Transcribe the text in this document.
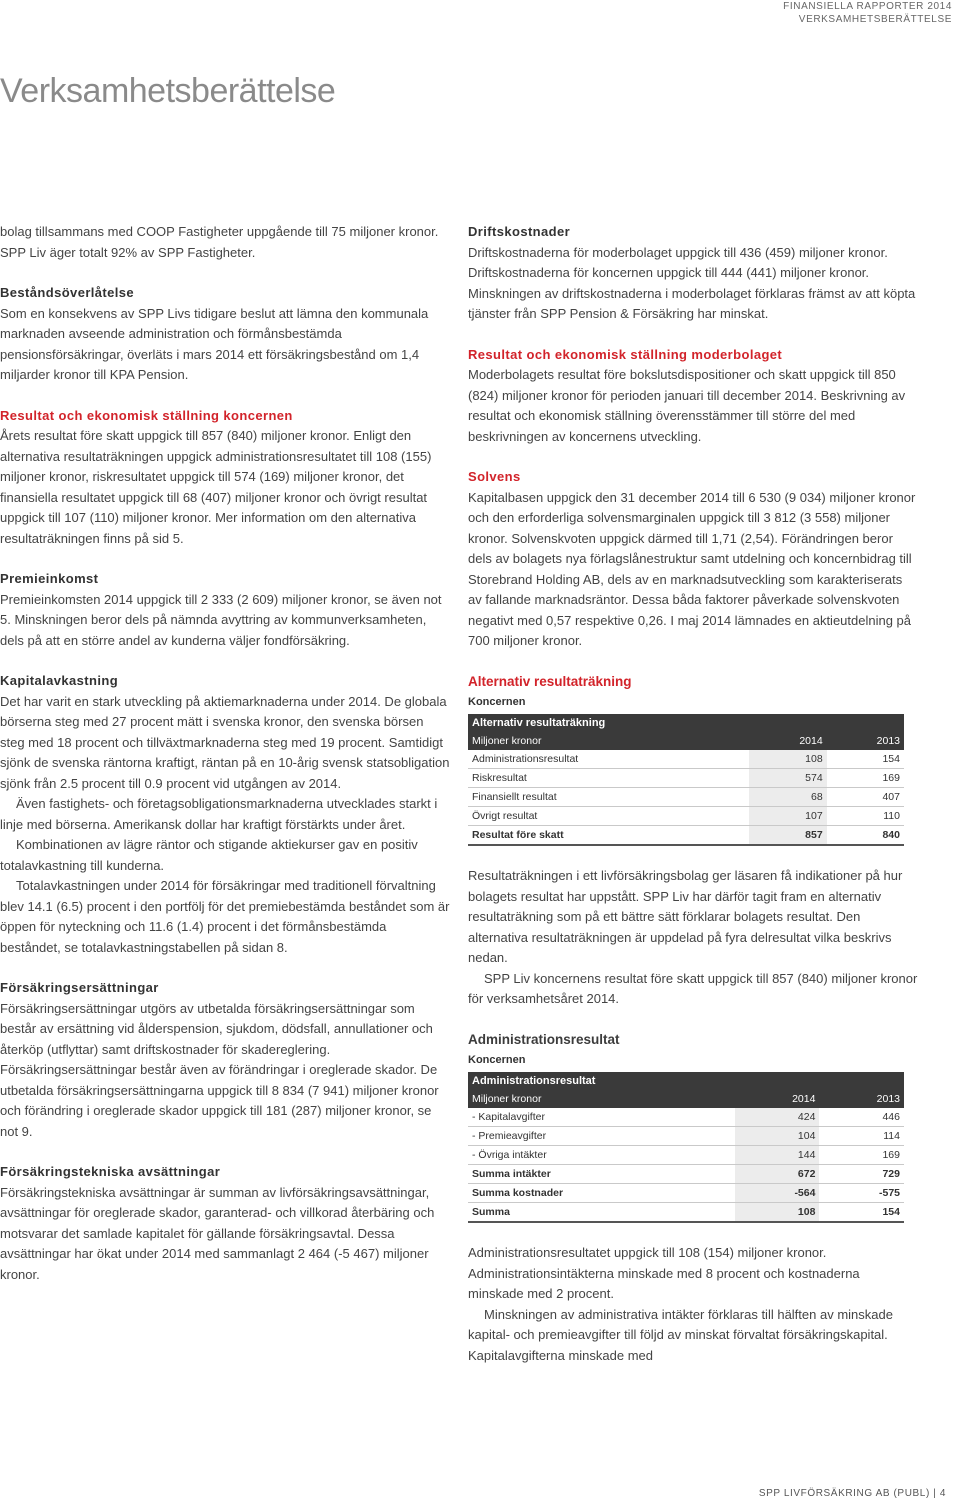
FINANSIELLA RAPPORTER 2014
VERKSAMHETSBERÄTTELSE
Verksamhetsberättelse

bolag tillsammans med COOP Fastigheter uppgående till 75 miljoner kronor. SPP Liv äger totalt 92% av SPP Fastigheter.

Beståndsöverlåtelse

Som en konsekvens av SPP Livs tidigare beslut att lämna den kommunala marknaden avseende administration och förmånsbestämda pensionsförsäkringar, överläts i mars 2014 ett försäkringsbestånd om 1,4 miljarder kronor till KPA Pension.

Resultat och ekonomisk ställning koncernen

Årets resultat före skatt uppgick till 857 (840) miljoner kronor. Enligt den alternativa resultaträkningen uppgick administrationsresultatet till 108 (155) miljoner kronor, riskresultatet uppgick till 574 (169) miljoner kronor, det finansiella resultatet uppgick till 68 (407) miljoner kronor och övrigt resultat uppgick till 107 (110) miljoner kronor. Mer information om den alternativa resultaträkningen finns på sid 5.

Premieinkomst

Premieinkomsten 2014 uppgick till 2 333 (2 609) miljoner kronor, se även not 5. Minskningen beror dels på nämnda avyttring av kommunverksamheten, dels på att en större andel av kunderna väljer fondförsäkring.

Kapitalavkastning

Det har varit en stark utveckling på aktiemarknaderna under 2014. De globala börserna steg med 27 procent mätt i svenska kronor, den svenska börsen steg med 18 procent och tillväxtmarknaderna steg med 19 procent. Samtidigt sjönk de svenska räntorna kraftigt, räntan på en 10-årig svensk statsobligation sjönk från 2.5 procent till 0.9 procent vid utgången av 2014.

Även fastighets- och företagsobligationsmarknaderna utvecklades starkt i linje med börserna. Amerikansk dollar har kraftigt förstärkts under året.

Kombinationen av lägre räntor och stigande aktiekurser gav en positiv totalavkastning till kunderna.

Totalavkastningen under 2014 för försäkringar med traditionell förvaltning blev 14.1 (6.5) procent i den portfölj för det premiebestämda beståndet som är öppen för nyteckning och 11.6 (1.4) procent i det förmånsbestämda beståndet, se totalavkastningstabellen på sidan 8.

Försäkringsersättningar

Försäkringsersättningar utgörs av utbetalda försäkringsersättningar som består av ersättning vid ålderspension, sjukdom, dödsfall, annullationer och återköp (utflyttar) samt driftskostnader för skadereglering. Försäkringsersättningar består även av förändringar i oreglerade skador. De utbetalda försäkringsersättningarna uppgick till 8 834 (7 941) miljoner kronor och förändring i oreglerade skador uppgick till 181 (287) miljoner kronor, se not 9.

Försäkringstekniska avsättningar

Försäkringstekniska avsättningar är summan av livförsäkringsavsättningar, avsättningar för oreglerade skador, garanterad- och villkorad återbäring och motsvarar det samlade kapitalet för gällande försäkringsavtal. Dessa avsättningar har ökat under 2014 med sammanlagt 2 464 (-5 467) miljoner kronor.

Driftskostnader

Driftskostnaderna för moderbolaget uppgick till 436 (459) miljoner kronor. Driftskostnaderna för koncernen uppgick till 444 (441) miljoner kronor. Minskningen av driftskostnaderna i moderbolaget förklaras främst av att köpta tjänster från SPP Pension & Försäkring har minskat.

Resultat och ekonomisk ställning moderbolaget

Moderbolagets resultat före bokslutsdispositioner och skatt uppgick till 850 (824) miljoner kronor för perioden januari till december 2014. Beskrivning av resultat och ekonomisk ställning överensstämmer till större del med beskrivningen av koncernens utveckling.

Solvens

Kapitalbasen uppgick den 31 december 2014 till 6 530 (9 034) miljoner kronor och den erforderliga solvensmarginalen uppgick till 3 812 (3 558) miljoner kronor. Solvenskvoten uppgick därmed till 1,71 (2,54). Förändringen beror dels av bolagets nya förlagslånestruktur samt utdelning och koncernbidrag till Storebrand Holding AB, dels av en marknadsutveckling som karakteriserats av fallande marknadsräntor. Dessa båda faktorer påverkade solvenskvoten negativt med 0,57 respektive 0,26. I maj 2014 lämnades en aktieutdelning på 700 miljoner kronor.

Alternativ resultaträkning
Koncernen
Alternativ resultaträkning		
Miljoner kronor	2014	2013
Administrationsresultat	108	154
Riskresultat	574	169
Finansiellt resultat	68	407
Övrigt resultat	107	110
Resultat före skatt	857	840

Resultaträkningen i ett livförsäkringsbolag ger läsaren få indikationer på hur bolagets resultat har uppstått. SPP Liv har därför tagit fram en alternativ resultaträkning som på ett bättre sätt förklarar bolagets resultat. Den alternativa resultaträkningen är uppdelad på fyra delresultat vilka beskrivs nedan.

SPP Liv koncernens resultat före skatt uppgick till 857 (840) miljoner kronor för verksamhetsåret 2014.

Administrationsresultat
Koncernen
Administrationsresultat		
Miljoner kronor	2014	2013
- Kapitalavgifter	424	446
- Premieavgifter	104	114
- Övriga intäkter	144	169
Summa intäkter	672	729
Summa kostnader	-564	-575
Summa	108	154

Administrationsresultatet uppgick till 108 (154) miljoner kronor. Administrationsintäkterna minskade med 8 procent och kostnaderna minskade med 2 procent.

Minskningen av administrativa intäkter förklaras till hälften av minskade kapital- och premieavgifter till följd av minskat förvaltat försäkringskapital. Kapitalavgifterna minskade med

SPP LIVFÖRSÄKRING AB (PUBL) | 4
